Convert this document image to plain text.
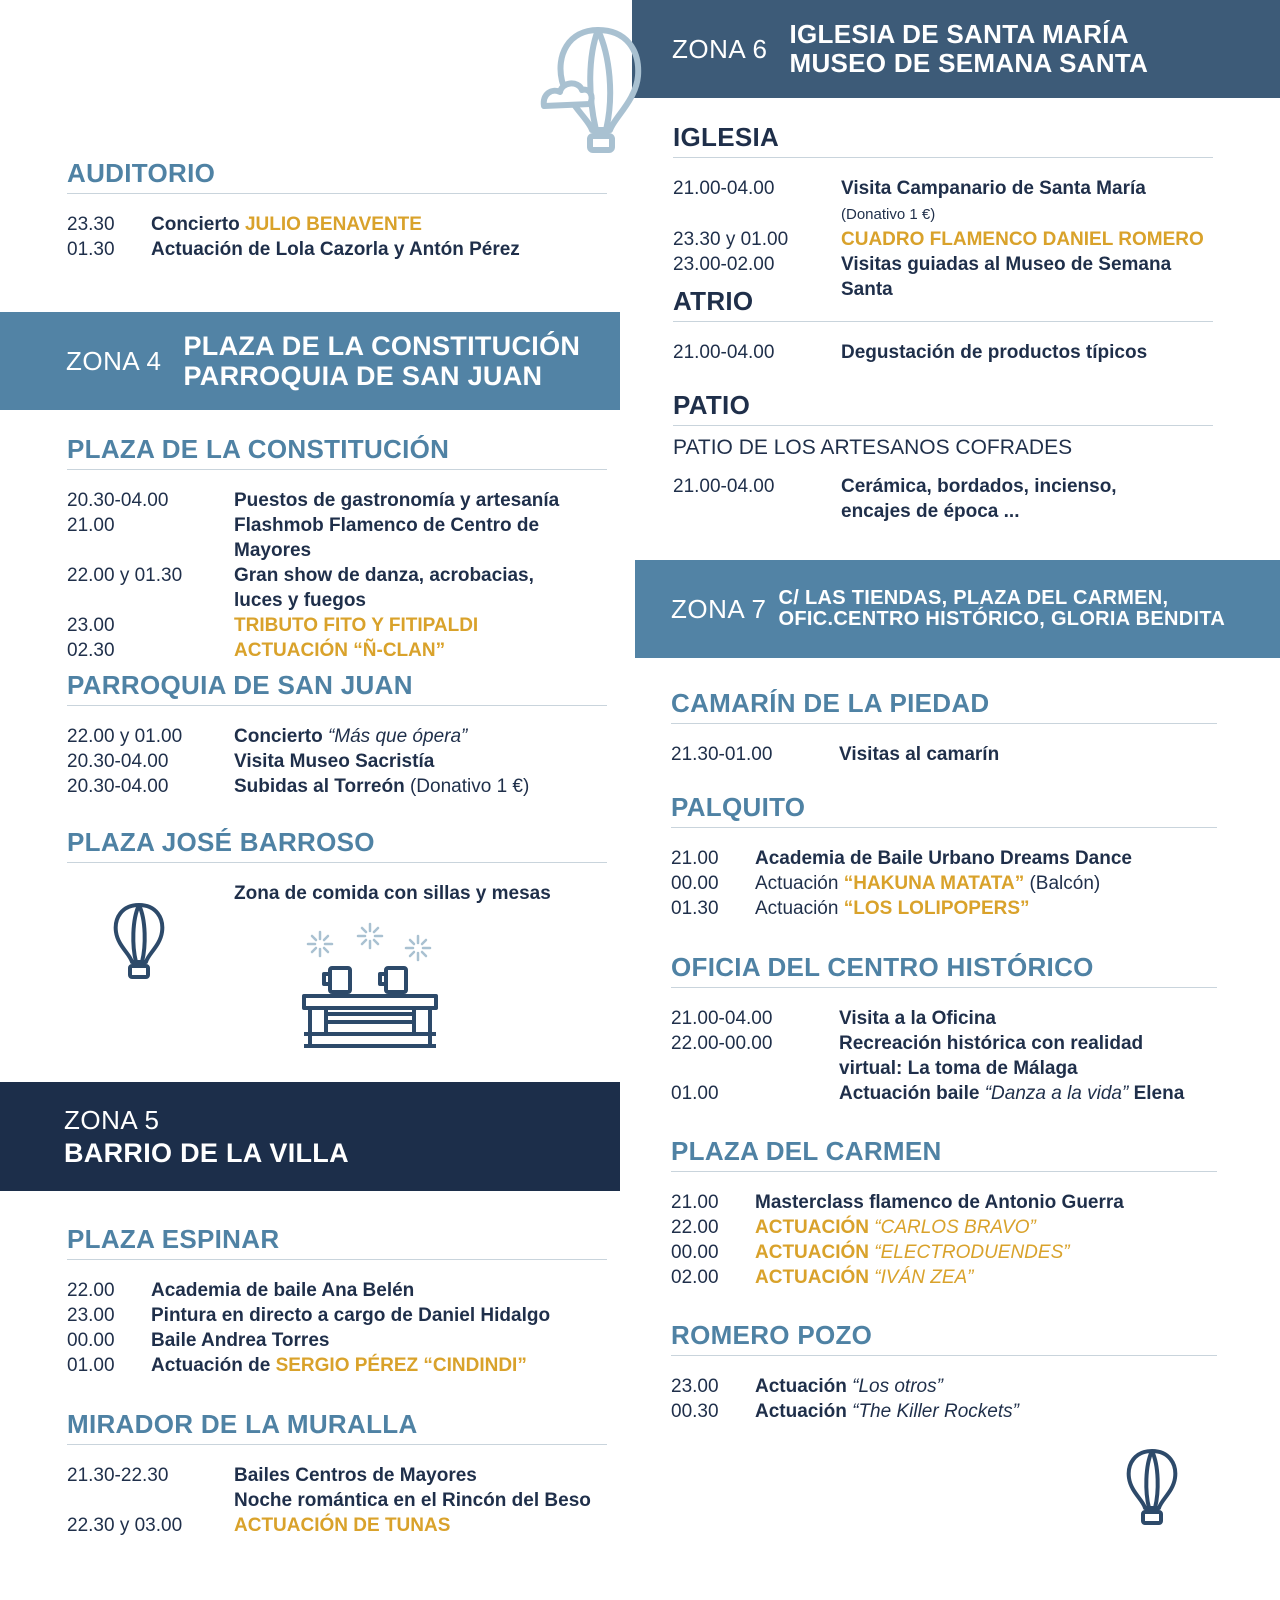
ZONA 6 IGLESIA DE SANTA MARÍA
MUSEO DE SEMANA SANTA
ZONA 4 PLAZA DE LA CONSTITUCIÓN
PARROQUIA DE SAN JUAN
ZONA 5
BARRIO DE LA VILLA
ZONA 7 C/ LAS TIENDAS, PLAZA DEL CARMEN,
OFIC.CENTRO HISTÓRICO, GLORIA BENDITA
AUDITORIO
23.30	Concierto JULIO BENAVENTE
01.30	Actuación de Lola Cazorla y Antón Pérez
PLAZA DE LA CONSTITUCIÓN
20.30-04.00	Puestos de gastronomía y artesanía
21.00	Flashmob Flamenco de Centro de Mayores
22.00 y 01.30	Gran show de danza, acrobacias,
luces y fuegos
23.00	TRIBUTO FITO Y FITIPALDI
02.30	ACTUACIÓN “Ñ-CLAN”
PARROQUIA DE SAN JUAN
22.00 y 01.00	Concierto “Más que ópera”
20.30-04.00	Visita Museo Sacristía
20.30-04.00	Subidas al Torreón (Donativo 1 €)
PLAZA JOSÉ BARROSO
Zona de comida con sillas y mesas
PLAZA ESPINAR
22.00	Academia de baile Ana Belén
23.00	Pintura en directo a cargo de Daniel Hidalgo
00.00	Baile Andrea Torres
01.00	Actuación de SERGIO PÉREZ “CINDINDI”
MIRADOR DE LA MURALLA
21.30-22.30	Bailes Centros de Mayores
Noche romántica en el Rincón del Beso
22.30 y 03.00	ACTUACIÓN DE TUNAS
IGLESIA
21.00-04.00	Visita Campanario de Santa María (Donativo 1 €)
23.30 y 01.00	CUADRO FLAMENCO DANIEL ROMERO
23.00-02.00	Visitas guiadas al Museo de Semana Santa
ATRIO
21.00-04.00	Degustación de productos típicos
PATIO
PATIO DE LOS ARTESANOS COFRADES
21.00-04.00	Cerámica, bordados, incienso,
encajes de época ...
CAMARÍN DE LA PIEDAD
21.30-01.00	Visitas al camarín
PALQUITO
21.00	Academia de Baile Urbano Dreams Dance
00.00	Actuación “HAKUNA MATATA” (Balcón)
01.30	Actuación “LOS LOLIPOPERS”
OFICIA DEL CENTRO HISTÓRICO
21.00-04.00	Visita a la Oficina
22.00-00.00	Recreación histórica con realidad
virtual: La toma de Málaga
01.00	Actuación baile “Danza a la vida” Elena
PLAZA DEL CARMEN
21.00	Masterclass flamenco de Antonio Guerra
22.00	ACTUACIÓN “CARLOS BRAVO”
00.00	ACTUACIÓN “ELECTRODUENDES”
02.00	ACTUACIÓN “IVÁN ZEA”
ROMERO POZO
23.00	Actuación “Los otros”
00.30	Actuación “The Killer Rockets”
